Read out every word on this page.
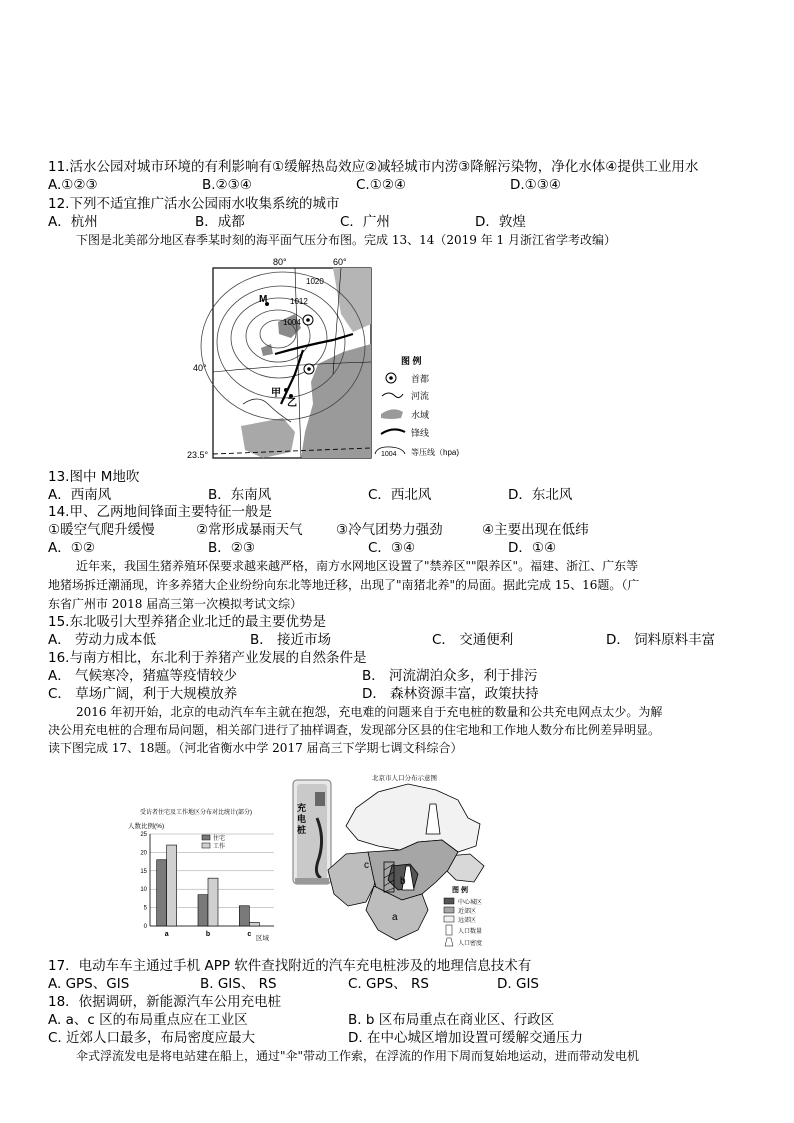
11.活水公园对城市环境的有利影响有①缓解热岛效应②减轻城市内涝③降解污染物，净化水体④提供工业用水
A.①②③	B.②③④	C.①②④	D.①③④
12.下列不适宜推广活水公园雨水收集系统的城市
A．杭州	B．成都	C．广州	D．敦煌
下图是北美部分地区春季某时刻的海平面气压分布图。完成 13、14（2019 年 1 月浙江省学考改编）
80°	60°
40°
23.5°
1020
1012
1004
M
甲
乙
图 例
首都
河流
水域
锋线
1004 等压线（hpa)
13.图中 M地吹
A．西南风	B．东南风	C．西北风	D．东北风
14.甲、乙两地间锋面主要特征一般是
①暖空气爬升缓慢	②常形成暴雨天气 ③冷气团势力强劲	④主要出现在低纬
A．①②	B．②③	C．③④	D．①④
近年来，我国生猪养殖环保要求越来越严格，南方水网地区设置了"禁养区""限养区"。福建、浙江、广东等
地猪场拆迁潮涌现，许多养猪大企业纷纷向东北等地迁移，出现了"南猪北养"的局面。据此完成 15、16题。（广
东省广州市 2018 届高三第一次模拟考试文综）
15.东北吸引大型养猪企业北迁的最主要优势是
A． 劳动力成本低	B． 接近市场	C． 交通便利	D． 饲料原料丰富
16.与南方相比，东北利于养猪产业发展的自然条件是
A． 气候寒冷，猪瘟等疫情较少	B． 河流湖泊众多，利于排污
C． 草场广阔，利于大规模放养	D． 森林资源丰富，政策扶持
2016 年初开始，北京的电动汽车车主就在抱怨，充电难的问题来自于充电桩的数量和公共充电网点太少。为解
决公用充电桩的合理布局问题，相关部门进行了抽样调查，发现部分区县的住宅地和工作地人数分布比例差异明显。
读下图完成 17、18题。（河北省衡水中学 2017 届高三下学期七调文科综合）
受访者住宅及工作地区分布对比统计(部分)
人数比例(%)
区域
0
5
10
15
20
25
a	b	c
住宅
工作
充电桩
北京市人口分布示意图
a
b
c
图 例
中心城区
近郊区
远郊区
人口数量
人口密度
17．电动车车主通过手机 APP 软件查找附近的汽车充电桩涉及的地理信息技术有
A. GPS、GIS	B. GIS、 RS	C. GPS、 RS	D. GIS
18．依据调研，新能源汽车公用充电桩
A. a、c 区的布局重点应在工业区	B. b 区布局重点在商业区、行政区
C. 近郊人口最多，布局密度应最大	D. 在中心城区增加设置可缓解交通压力
伞式浮流发电是将电站建在船上，通过"伞"带动工作索，在浮流的作用下周而复始地运动，进而带动发电机
